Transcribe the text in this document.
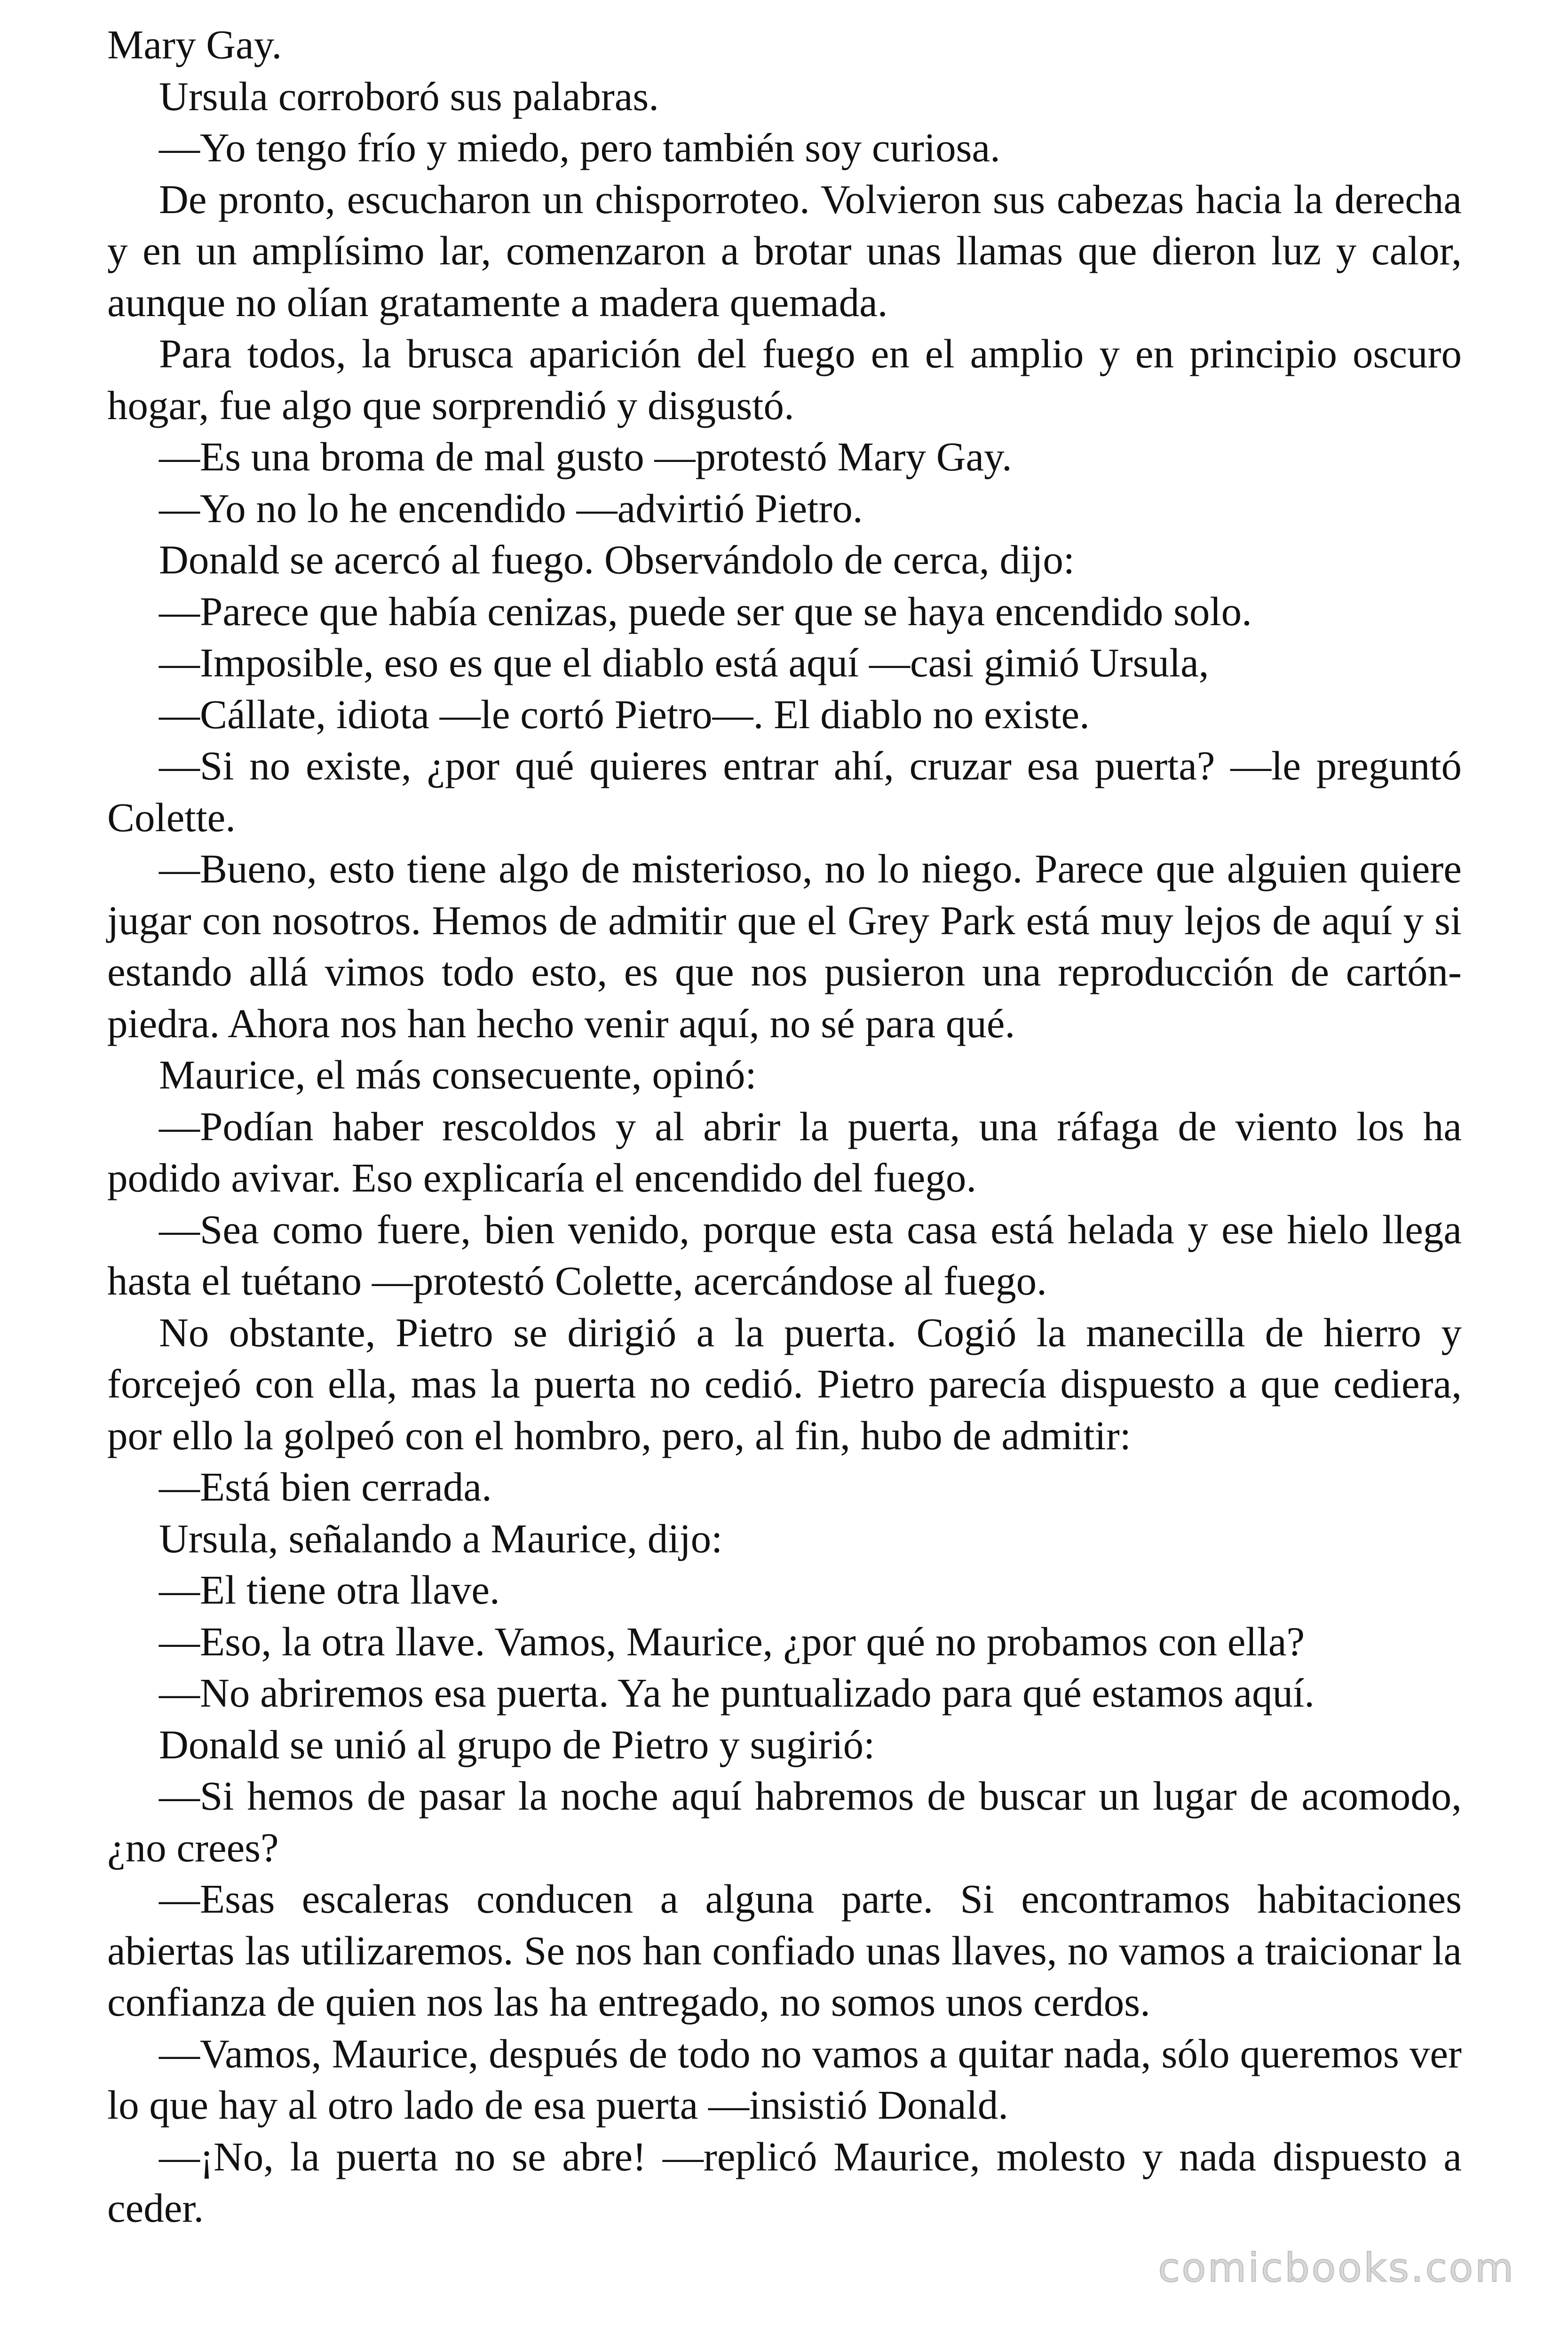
Mary Gay.

Ursula corroboró sus palabras.

—Yo tengo frío y miedo, pero también soy curiosa.

De pronto, escucharon un chisporroteo. Volvieron sus cabezas hacia la derecha y en un amplísimo lar, comenzaron a brotar unas llamas que dieron luz y calor, aunque no olían gratamente a madera quemada.

Para todos, la brusca aparición del fuego en el amplio y en principio oscuro hogar, fue algo que sorprendió y disgustó.

—Es una broma de mal gusto —protestó Mary Gay.

—Yo no lo he encendido —advirtió Pietro.

Donald se acercó al fuego. Observándolo de cerca, dijo:

—Parece que había cenizas, puede ser que se haya encendido solo.

—Imposible, eso es que el diablo está aquí —casi gimió Ursula,

—Cállate, idiota —le cortó Pietro—. El diablo no existe.

—Si no existe, ¿por qué quieres entrar ahí, cruzar esa puerta? —le preguntó Colette.

—Bueno, esto tiene algo de misterioso, no lo niego. Parece que alguien quiere jugar con nosotros. Hemos de admitir que el Grey Park está muy lejos de aquí y si estando allá vimos todo esto, es que nos pusieron una reproducción de cartón-piedra. Ahora nos han hecho venir aquí, no sé para qué.

Maurice, el más consecuente, opinó:

—Podían haber rescoldos y al abrir la puerta, una ráfaga de viento los ha podido avivar. Eso explicaría el encendido del fuego.

—Sea como fuere, bien venido, porque esta casa está helada y ese hielo llega hasta el tuétano —protestó Colette, acercándose al fuego.

No obstante, Pietro se dirigió a la puerta. Cogió la manecilla de hierro y forcejeó con ella, mas la puerta no cedió. Pietro parecía dispuesto a que cediera, por ello la golpeó con el hombro, pero, al fin, hubo de admitir:

—Está bien cerrada.

Ursula, señalando a Maurice, dijo:

—El tiene otra llave.

—Eso, la otra llave. Vamos, Maurice, ¿por qué no probamos con ella?

—No abriremos esa puerta. Ya he puntualizado para qué estamos aquí.

Donald se unió al grupo de Pietro y sugirió:

—Si hemos de pasar la noche aquí habremos de buscar un lugar de acomodo, ¿no crees?

—Esas escaleras conducen a alguna parte. Si encontramos habitaciones abiertas las utilizaremos. Se nos han confiado unas llaves, no vamos a traicionar la confianza de quien nos las ha entregado, no somos unos cerdos.

—Vamos, Maurice, después de todo no vamos a quitar nada, sólo queremos ver lo que hay al otro lado de esa puerta —insistió Donald.

—¡No, la puerta no se abre! —replicó Maurice, molesto y nada dispuesto a ceder.

comicbooks.com
